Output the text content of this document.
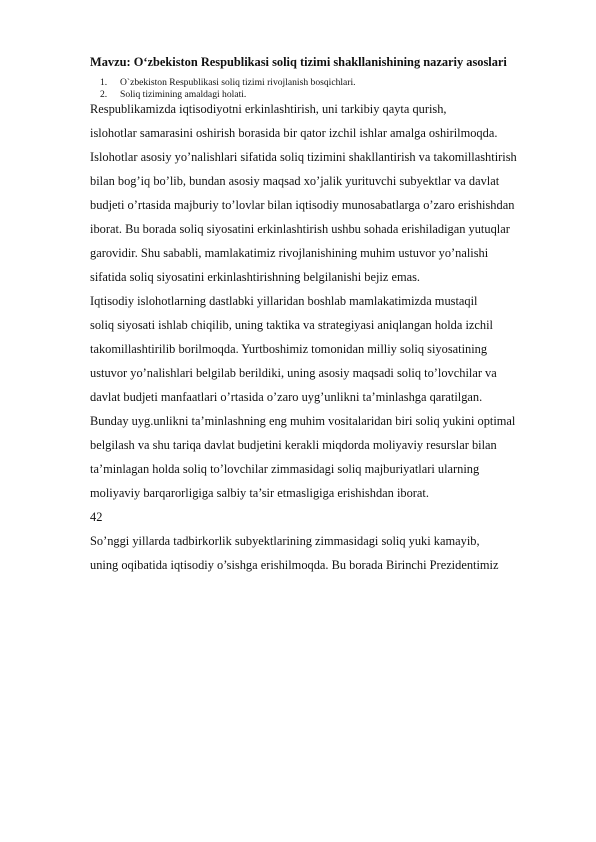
Mavzu: O‘zbekiston Respublikasi soliq tizimi shakllanishining nazariy asoslari

1. O`zbekiston Respublikasi soliq tizimi rivojlanish bosqichlari.
2. Soliq tizimining amaldagi holati.

Respublikamizda iqtisodiyotni erkinlashtirish, uni tarkibiy qayta qurish,

islohotlar samarasini oshirish borasida bir qator izchil ishlar amalga oshirilmoqda.

Islohotlar asosiy yo’nalishlari sifatida soliq tizimini shakllantirish va takomillashtirish

bilan bog’iq bo’lib, bundan asosiy maqsad xo’jalik yurituvchi subyektlar va davlat

budjeti o’rtasida majburiy to’lovlar bilan iqtisodiy munosabatlarga o’zaro erishishdan

iborat. Bu borada soliq siyosatini erkinlashtirish ushbu sohada erishiladigan yutuqlar

garovidir. Shu sababli, mamlakatimiz rivojlanishining muhim ustuvor yo’nalishi

sifatida soliq siyosatini erkinlashtirishning belgilanishi bejiz emas.

Iqtisodiy islohotlarning dastlabki yillaridan boshlab mamlakatimizda mustaqil

soliq siyosati ishlab chiqilib, uning taktika va strategiyasi aniqlangan holda izchil

takomillashtirilib borilmoqda. Yurtboshimiz tomonidan milliy soliq siyosatining

ustuvor yo’nalishlari belgilab berildiki, uning asosiy maqsadi soliq to’lovchilar va

davlat budjeti manfaatlari o’rtasida o’zaro uyg’unlikni ta’minlashga qaratilgan.

Bunday uyg.unlikni ta’minlashning eng muhim vositalaridan biri soliq yukini optimal

belgilash va shu tariqa davlat budjetini kerakli miqdorda moliyaviy resurslar bilan

ta’minlagan holda soliq to’lovchilar zimmasidagi soliq majburiyatlari ularning

moliyaviy barqarorligiga salbiy ta’sir etmasligiga erishishdan iborat.

42

So’nggi yillarda tadbirkorlik subyektlarining zimmasidagi soliq yuki kamayib,

uning oqibatida iqtisodiy o’sishga erishilmoqda. Bu borada Birinchi Prezidentimiz
